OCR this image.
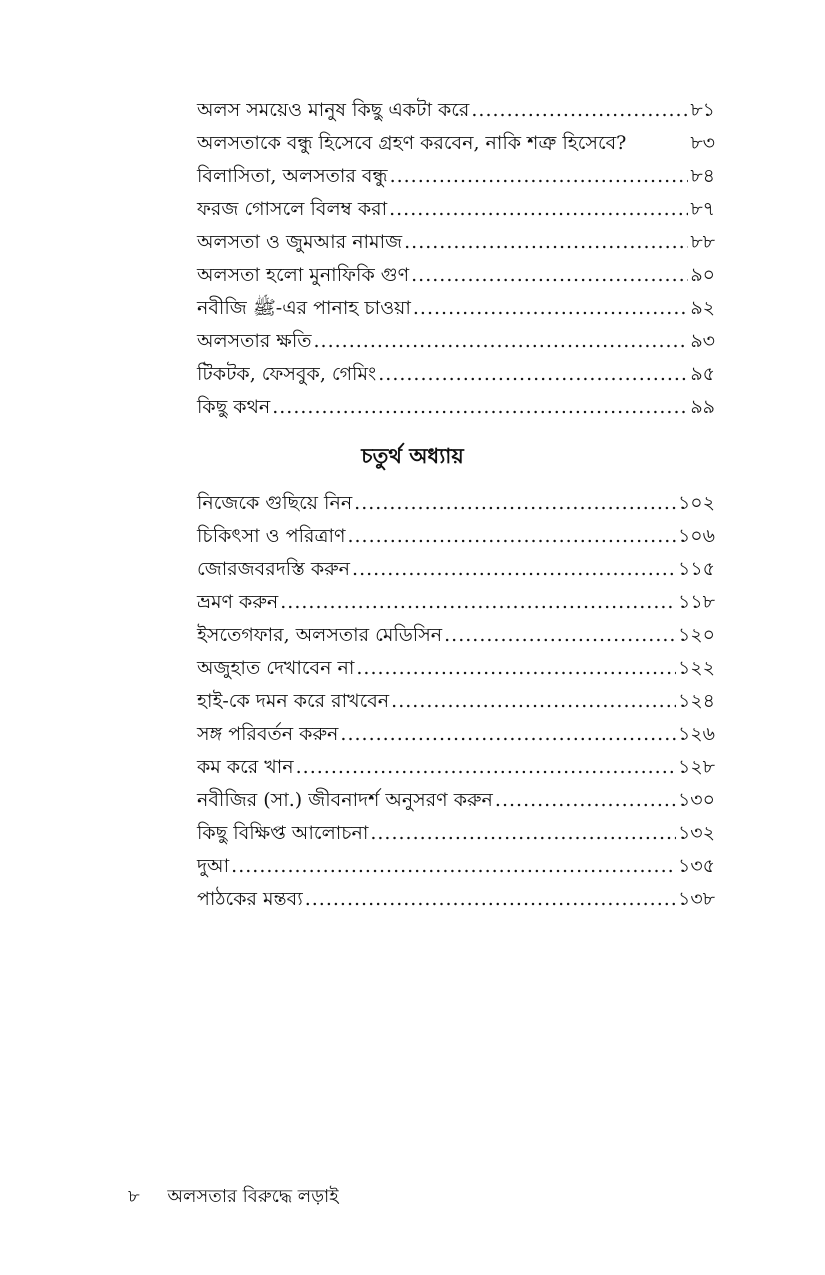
অলস সময়েও মানুষ কিছু একটা করে .....	৮১
অলসতাকে বন্ধু হিসেবে গ্রহণ করবেন, নাকি শত্রু হিসেবে?	৮৩
বিলাসিতা, অলসতার বন্ধু .....	৮৪
ফরজ গোসলে বিলম্ব করা .....	৮৭
অলসতা ও জুমআর নামাজ .....	৮৮
অলসতা হলো মুনাফিকি গুণ .....	৯০
নবীজি ﷺ-এর পানাহ চাওয়া .....	৯২
অলসতার ক্ষতি .....	৯৩
টিকটক, ফেসবুক, গেমিং .....	৯৫
কিছু কথন .....	৯৯
চতুর্থ অধ্যায়
নিজেকে গুছিয়ে নিন .....	১০২
চিকিৎসা ও পরিত্রাণ .....	১০৬
জোরজবরদস্তি করুন .....	১১৫
ভ্রমণ করুন .....	১১৮
ইসতেগফার, অলসতার মেডিসিন .....	১২০
অজুহাত দেখাবেন না .....	১২২
হাই-কে দমন করে রাখবেন .....	১২৪
সঙ্গ পরিবর্তন করুন .....	১২৬
কম করে খান .....	১২৮
নবীজির (সা.) জীবনাদর্শ অনুসরণ করুন .....	১৩০
কিছু বিক্ষিপ্ত আলোচনা .....	১৩২
দুআ .....	১৩৫
পাঠকের মন্তব্য .....	১৩৮
৮ অলসতার বিরুদ্ধে লড়াই
